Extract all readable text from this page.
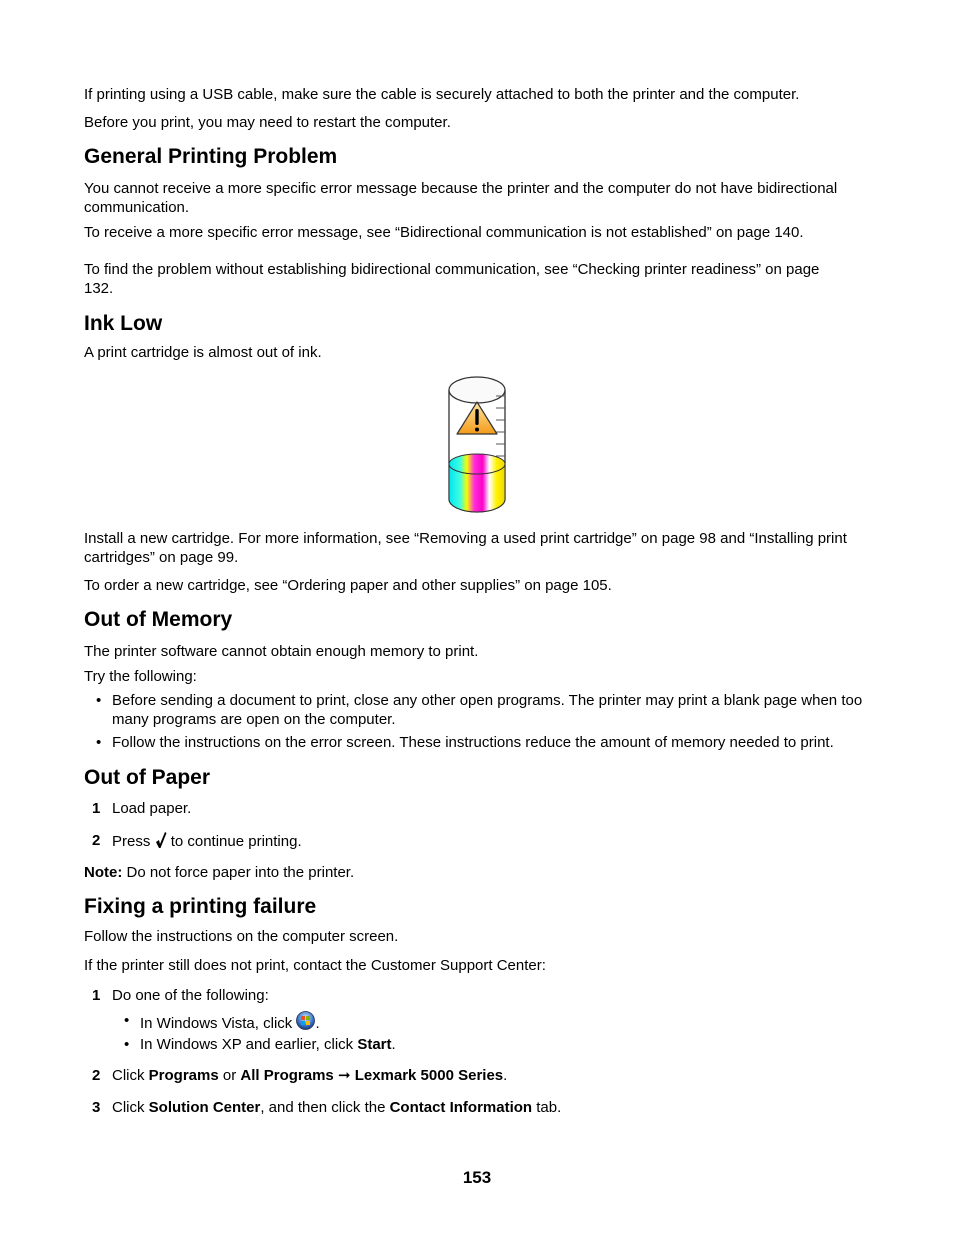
If printing using a USB cable, make sure the cable is securely attached to both the printer and the computer.

Before you print, you may need to restart the computer.

General Printing Problem

You cannot receive a more specific error message because the printer and the computer do not have bidirectional communication.

To receive a more specific error message, see “Bidirectional communication is not established” on page 140.

To find the problem without establishing bidirectional communication, see “Checking printer readiness” on page 132.

Ink Low

A print cartridge is almost out of ink.

Install a new cartridge. For more information, see “Removing a used print cartridge” on page 98 and “Installing print cartridges” on page 99.

To order a new cartridge, see “Ordering paper and other supplies” on page 105.

Out of Memory

The printer software cannot obtain enough memory to print.

Try the following:

• Before sending a document to print, close any other open programs. The printer may print a blank page when too many programs are open on the computer.
• Follow the instructions on the error screen. These instructions reduce the amount of memory needed to print.
Out of Paper
1 Load paper.
2 Press to continue printing.

Note: Do not force paper into the printer.

Fixing a printing failure

Follow the instructions on the computer screen.

If the printer still does not print, contact the Customer Support Center:

1 Do one of the following:
• In Windows Vista, click .
• In Windows XP and earlier, click Start.
2 Click Programs or All Programs ➞ Lexmark 5000 Series.
3 Click Solution Center, and then click the Contact Information tab.
153
